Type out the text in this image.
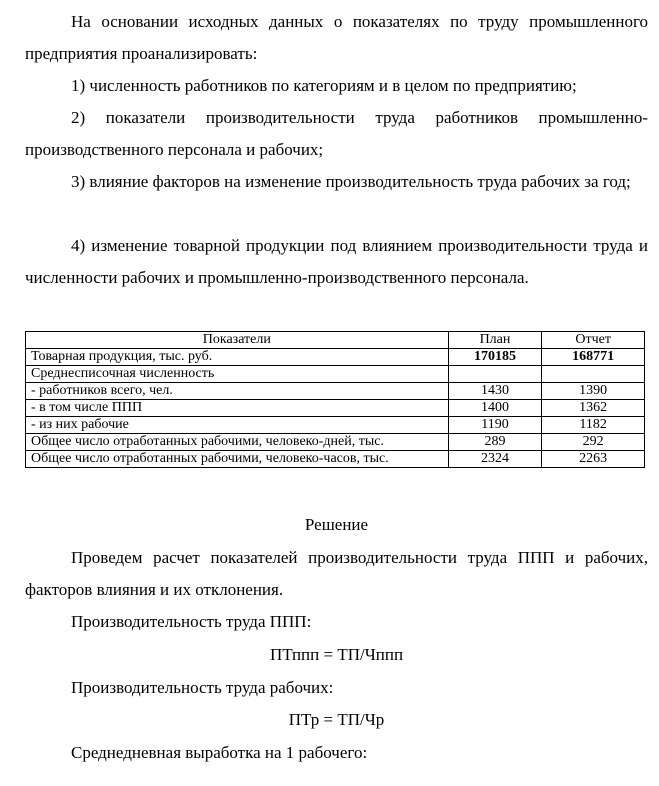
На основании исходных данных о показателях по труду промышленного предприятия проанализировать:

1) численность работников по категориям и в целом по предприятию;

2) показатели производительности труда работников промышленно-производственного персонала и рабочих;

3) влияние факторов на изменение производительность труда рабочих за год;

4) изменение товарной продукции под влиянием производительности труда и численности рабочих и промышленно-производственного персонала.

Показатели	План	Отчет
Товарная продукция, тыс. руб.	170185	168771
Среднесписочная численность		
- работников всего, чел.	1430	1390
- в том числе ППП	1400	1362
- из них рабочие	1190	1182
Общее число отработанных рабочими, человеко-дней, тыс.	289	292
Общее число отработанных рабочими, человеко-часов, тыс.	2324	2263

Решение

Проведем расчет показателей производительности труда ППП и рабочих, факторов влияния и их отклонения.

Производительность труда ППП:

ПТппп = ТП/Чппп

Производительность труда рабочих:

ПТр = ТП/Чр

Среднедневная выработка на 1 рабочего:
